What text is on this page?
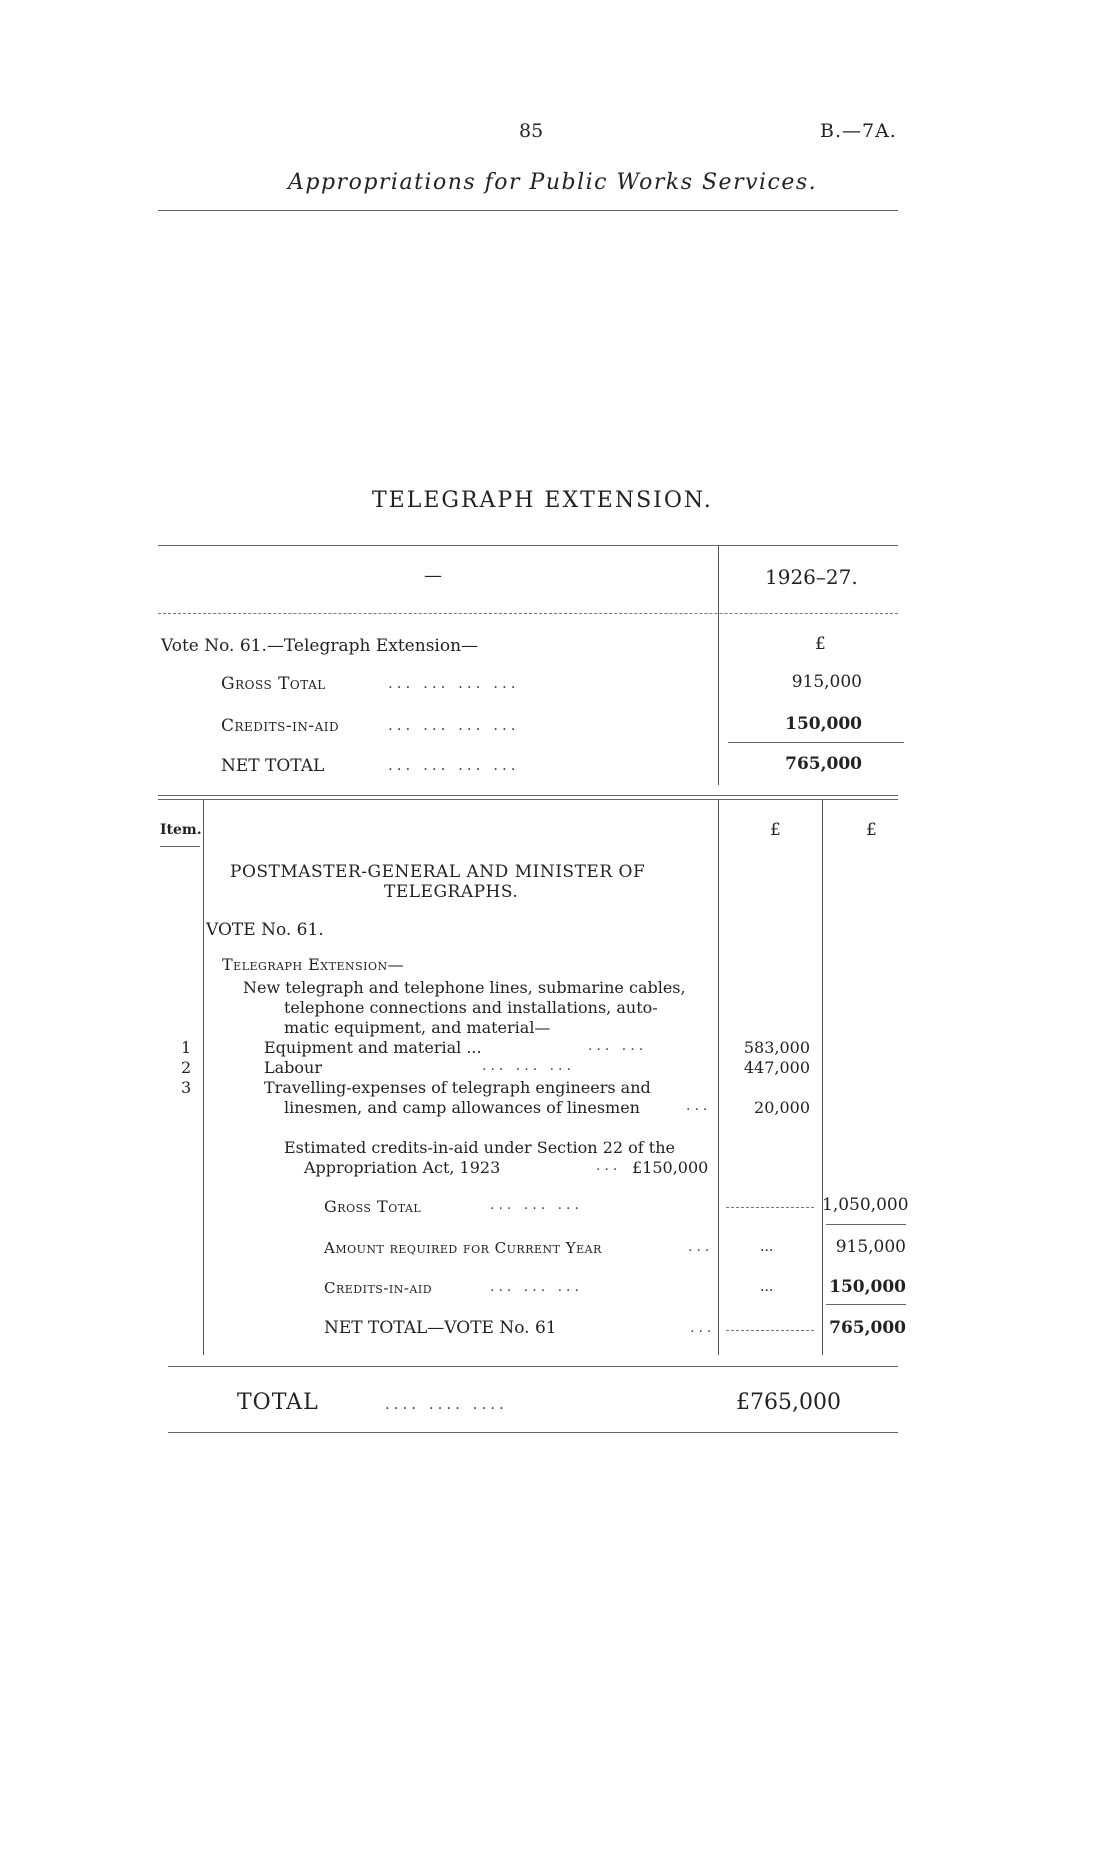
85	B.—7A.
Appropriations for Public Works Services.
TELEGRAPH EXTENSION.
—	1926–27.
Vote No. 61.—Telegraph Extension—	£
Gross Total	... ... ... ...	915,000
Credits-in-aid	... ... ... ...	150,000
NET TOTAL	... ... ... ...	765,000
Item.	£	£
POSTMASTER-GENERAL AND MINISTER OF
TELEGRAPHS.
VOTE No. 61.
Telegraph Extension—
New telegraph and telephone lines, submarine cables,
telephone connections and installations, auto-
matic equipment, and material—
1	Equipment and material ...	... ...	583,000
2	Labour	... ... ...	447,000
3	Travelling-expenses of telegraph engineers and
linesmen, and camp allowances of linesmen	...	20,000
Estimated credits-in-aid under Section 22 of the
Appropriation Act, 1923	... £150,000
Gross Total	... ... ...	1,050,000
Amount required for Current Year	...	...	915,000
Credits-in-aid	... ... ...	...	150,000
NET TOTAL—VOTE No. 61	...	765,000
TOTAL	.... .... ....	£765,000
